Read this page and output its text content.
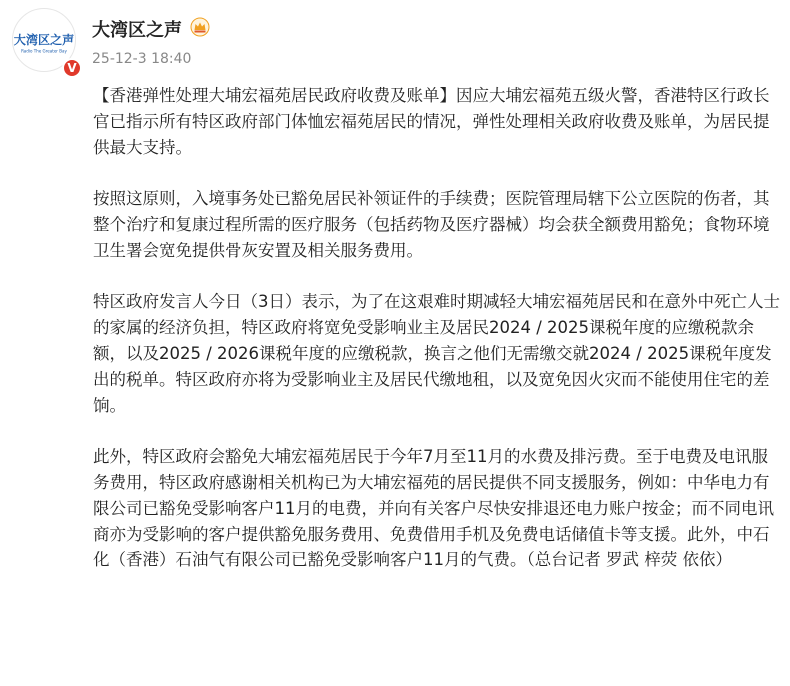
大湾区之声
Radio The Greater Bay
V
大湾区之声
25-12-3 18:40

【香港弹性处理大埔宏福苑居民政府收费及账单】因应大埔宏福苑五级火警，香港特区行政长官已指示所有特区政府部门体恤宏福苑居民的情况，弹性处理相关政府收费及账单，为居民提供最大支持。

按照这原则，入境事务处已豁免居民补领证件的手续费；医院管理局辖下公立医院的伤者，其整个治疗和复康过程所需的医疗服务（包括药物及医疗器械）均会获全额费用豁免；食物环境卫生署会宽免提供骨灰安置及相关服务费用。

特区政府发言人今日（3日）表示，为了在这艰难时期减轻大埔宏福苑居民和在意外中死亡人士的家属的经济负担，特区政府将宽免受影响业主及居民2024 / 2025课税年度的应缴税款余额，以及2025 / 2026课税年度的应缴税款，换言之他们无需缴交就2024 / 2025课税年度发出的税单。特区政府亦将为受影响业主及居民代缴地租，以及宽免因火灾而不能使用住宅的差饷。

此外，特区政府会豁免大埔宏福苑居民于今年7月至11月的水费及排污费。至于电费及电讯服务费用，特区政府感谢相关机构已为大埔宏福苑的居民提供不同支援服务，例如：中华电力有限公司已豁免受影响客户11月的电费，并向有关客户尽快安排退还电力账户按金；而不同电讯商亦为受影响的客户提供豁免服务费用、免费借用手机及免费电话储值卡等支援。此外，中石化（香港）石油气有限公司已豁免受影响客户11月的气费。（总台记者 罗武 梓荧 依依）
